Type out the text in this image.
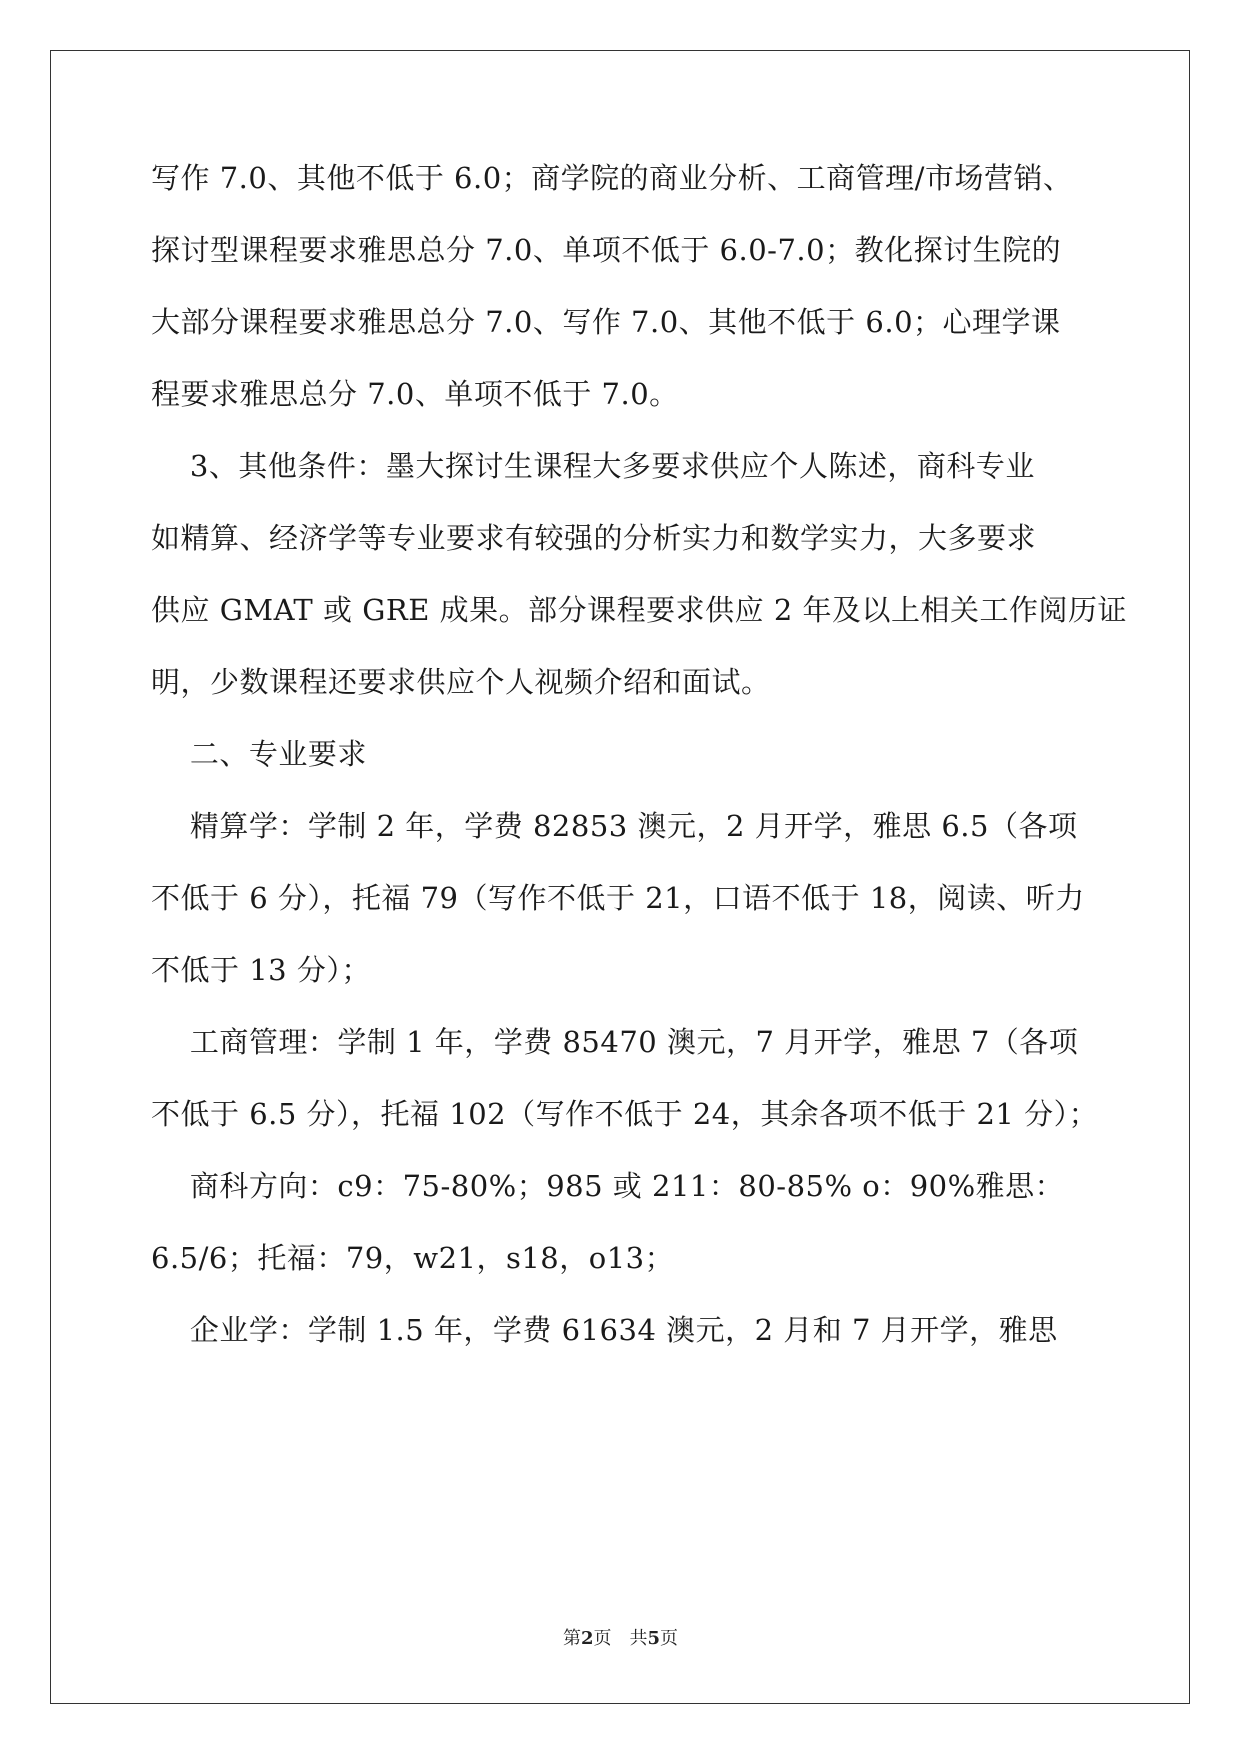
写作 7.0、其他不低于 6.0；商学院的商业分析、工商管理/市场营销、
探讨型课程要求雅思总分 7.0、单项不低于 6.0-7.0；教化探讨生院的
大部分课程要求雅思总分 7.0、写作 7.0、其他不低于 6.0；心理学课
程要求雅思总分 7.0、单项不低于 7.0。
3、其他条件：墨大探讨生课程大多要求供应个人陈述，商科专业
如精算、经济学等专业要求有较强的分析实力和数学实力，大多要求
供应 GMAT 或 GRE 成果。部分课程要求供应 2 年及以上相关工作阅历证
明，少数课程还要求供应个人视频介绍和面试。
二、专业要求
精算学：学制 2 年，学费 82853 澳元，2 月开学，雅思 6.5（各项
不低于 6 分），托福 79（写作不低于 21，口语不低于 18，阅读、听力
不低于 13 分）；
工商管理：学制 1 年，学费 85470 澳元，7 月开学，雅思 7（各项
不低于 6.5 分），托福 102（写作不低于 24，其余各项不低于 21 分）；
商科方向：c9：75-80%；985 或 211：80-85% o：90%雅思：
6.5/6；托福：79，w21，s18，o13；
企业学：学制 1.5 年，学费 61634 澳元，2 月和 7 月开学，雅思
第2页　共5页
